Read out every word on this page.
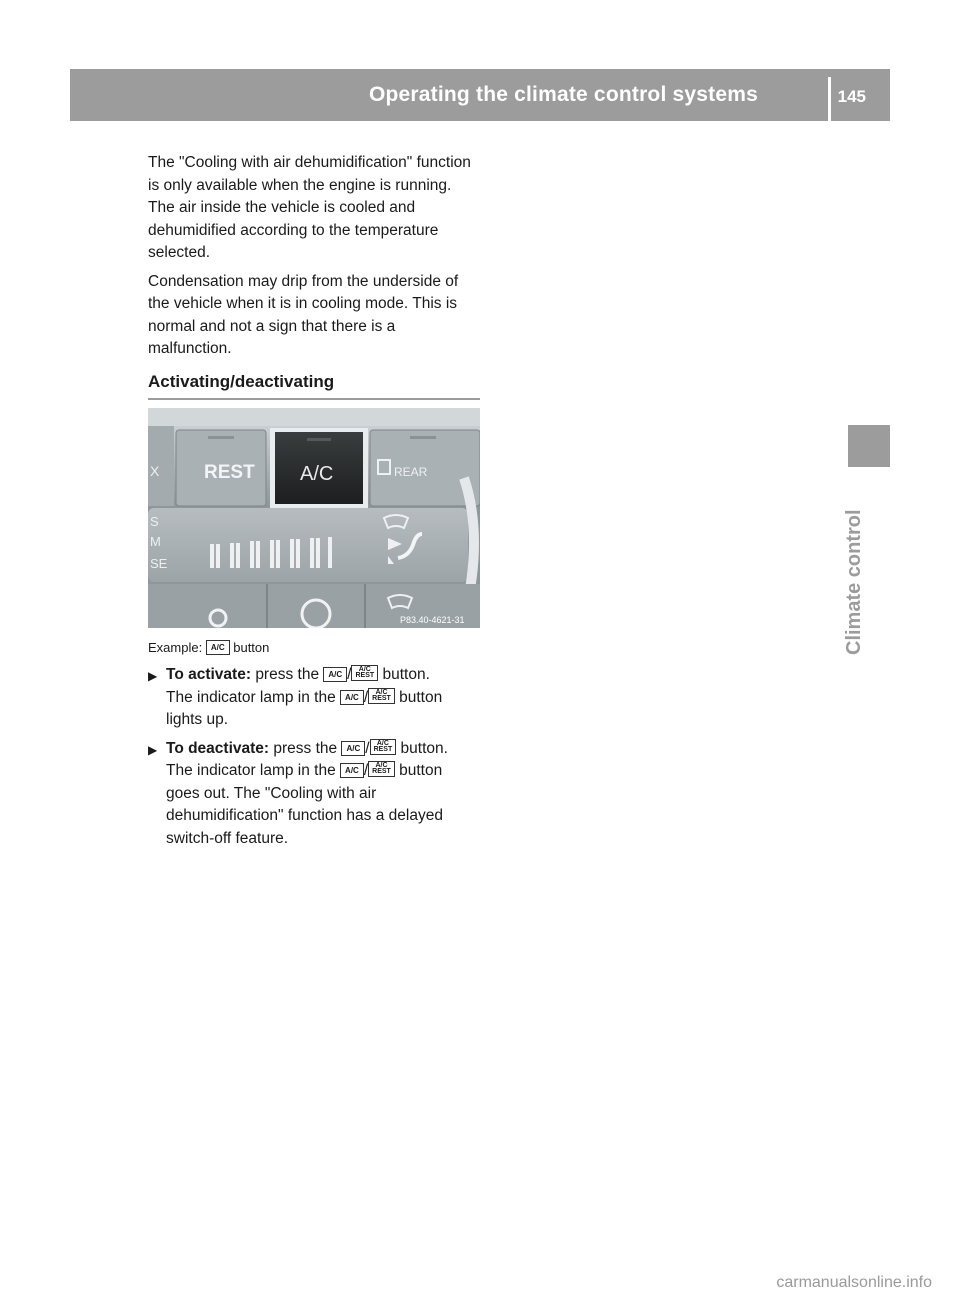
Operating the climate control systems	145
Climate control

The "Cooling with air dehumidification" function is only available when the engine is running. The air inside the vehicle is cooled and dehumidified according to the temperature selected.

Condensation may drip from the underside of the vehicle when it is in cooling mode. This is normal and not a sign that there is a malfunction.

Activating/deactivating
X REST A/C	REAR
S
M
SE
P83.40-4621-31
Example: A/C button
▶ To activate: press the A/C /	A/C
REST button.
The indicator lamp in the A/C /	A/C
REST button lights up.
▶ To deactivate: press the A/C /	A/C
REST button.
The indicator lamp in the A/C /	A/C
REST button goes out. The "Cooling with air dehumidification" function has a delayed switch-off feature.
carmanualsonline.info
